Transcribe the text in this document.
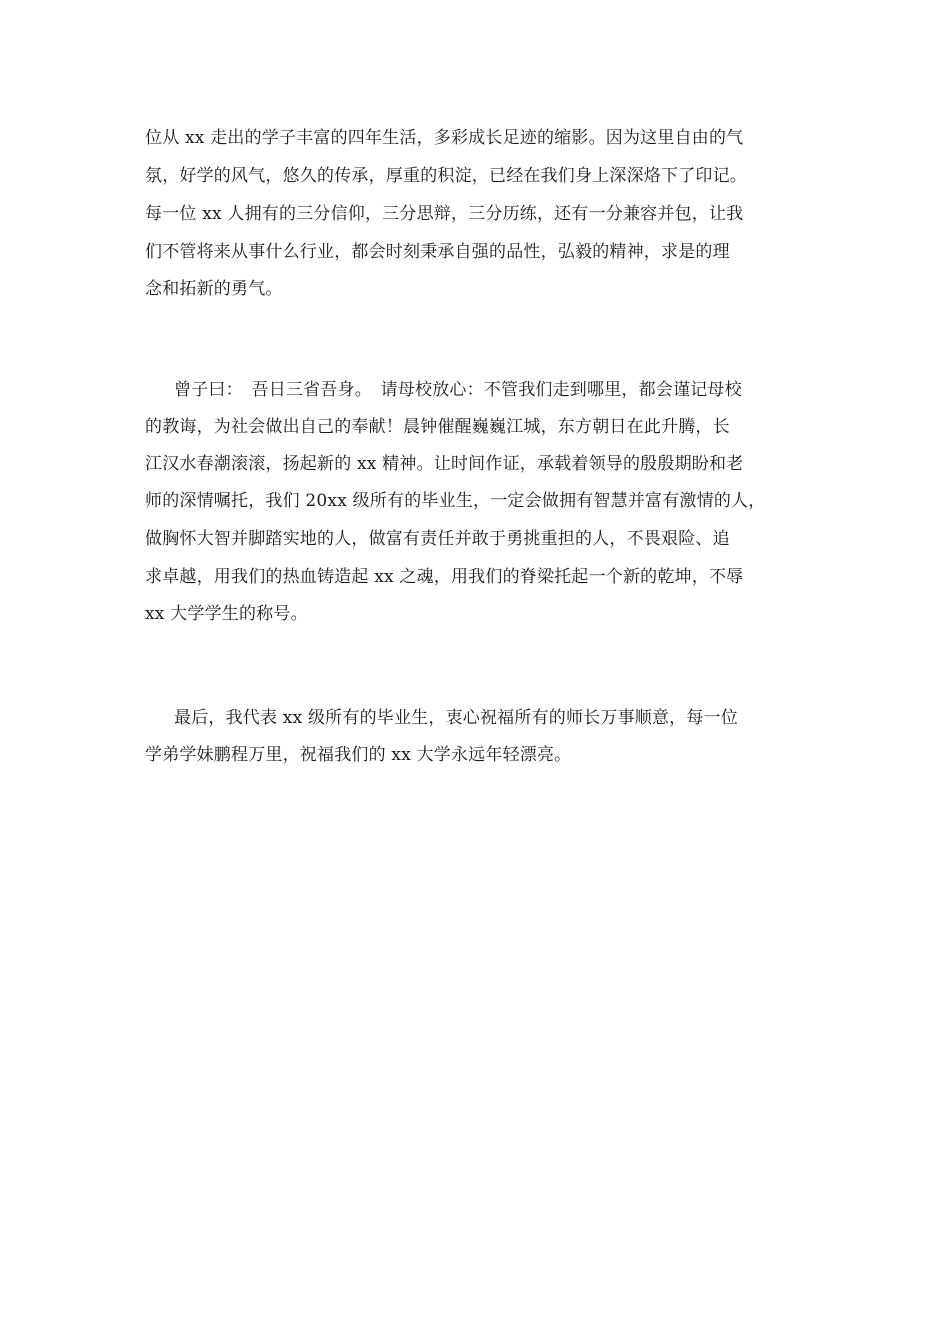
位从 xx 走出的学子丰富的四年生活，多彩成长足迹的缩影。因为这里自由的气
氛，好学的风气，悠久的传承，厚重的积淀，已经在我们身上深深烙下了印记。
每一位 xx 人拥有的三分信仰，三分思辩，三分历练，还有一分兼容并包，让我
们不管将来从事什么行业，都会时刻秉承自强的品性，弘毅的精神，求是的理
念和拓新的勇气。
曾子曰：　吾日三省吾身。　请母校放心：不管我们走到哪里，都会谨记母校
的教诲，为社会做出自己的奉献！晨钟催醒巍巍江城，东方朝日在此升腾，长
江汉水春潮滚滚，扬起新的 xx 精神。让时间作证，承载着领导的殷殷期盼和老
师的深情嘱托，我们 20xx 级所有的毕业生，一定会做拥有智慧并富有激情的人，
做胸怀大智并脚踏实地的人，做富有责任并敢于勇挑重担的人，不畏艰险、追
求卓越，用我们的热血铸造起 xx 之魂，用我们的脊梁托起一个新的乾坤，不辱
xx 大学学生的称号。
最后，我代表 xx 级所有的毕业生，衷心祝福所有的师长万事顺意，每一位
学弟学妹鹏程万里，祝福我们的 xx 大学永远年轻漂亮。
